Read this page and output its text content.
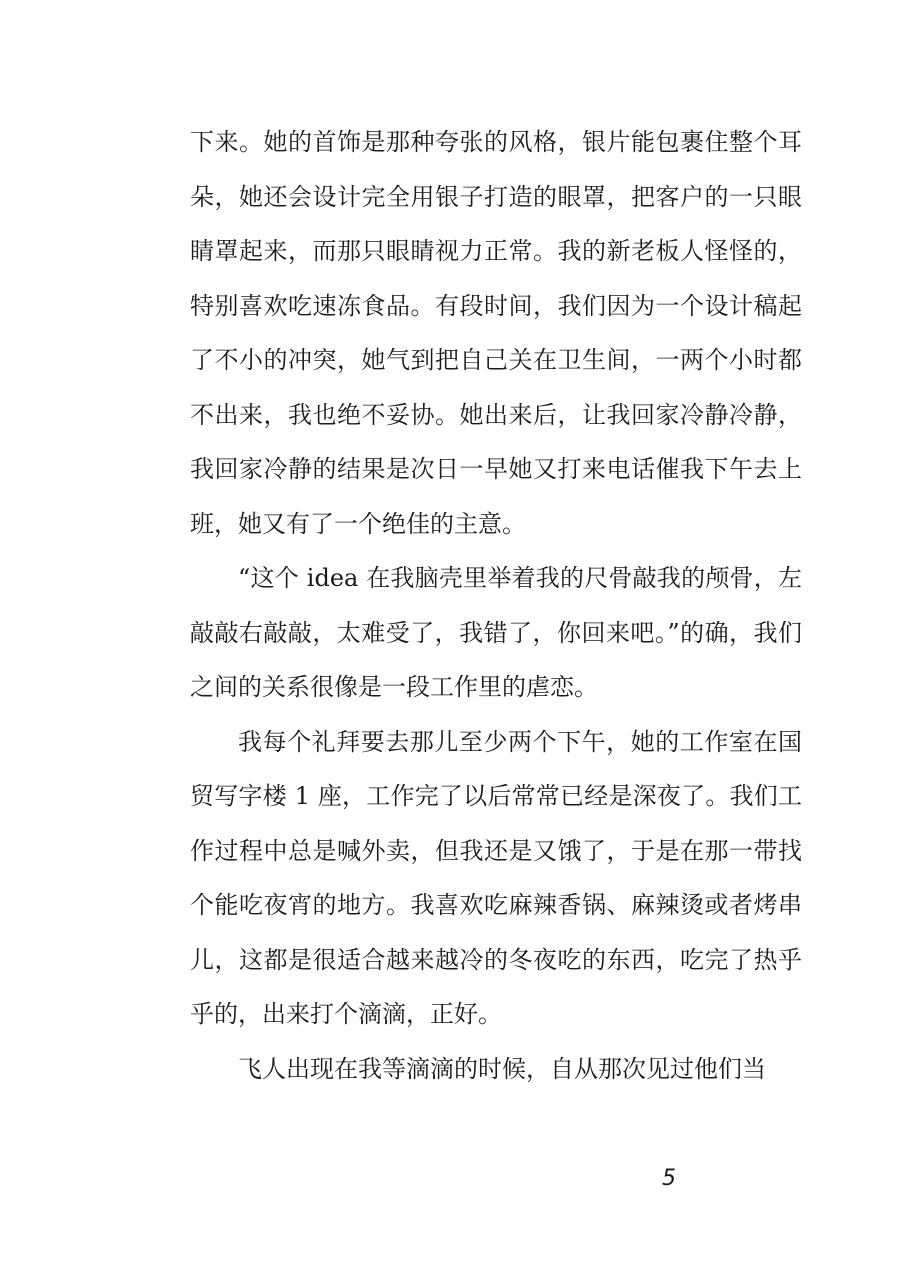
下来。她的首饰是那种夸张的风格，银片能包裹住整个耳朵，她还会设计完全用银子打造的眼罩，把客户的一只眼睛罩起来，而那只眼睛视力正常。我的新老板人怪怪的，特别喜欢吃速冻食品。有段时间，我们因为一个设计稿起了不小的冲突，她气到把自己关在卫生间，一两个小时都不出来，我也绝不妥协。她出来后，让我回家冷静冷静，我回家冷静的结果是次日一早她又打来电话催我下午去上班，她又有了一个绝佳的主意。

“这个 idea 在我脑壳里举着我的尺骨敲我的颅骨，左敲敲右敲敲，太难受了，我错了，你回来吧。”的确，我们之间的关系很像是一段工作里的虐恋。

我每个礼拜要去那儿至少两个下午，她的工作室在国贸写字楼 1 座，工作完了以后常常已经是深夜了。我们工作过程中总是喊外卖，但我还是又饿了，于是在那一带找个能吃夜宵的地方。我喜欢吃麻辣香锅、麻辣烫或者烤串儿，这都是很适合越来越冷的冬夜吃的东西，吃完了热乎乎的，出来打个滴滴，正好。

飞人出现在我等滴滴的时候，自从那次见过他们当

5
